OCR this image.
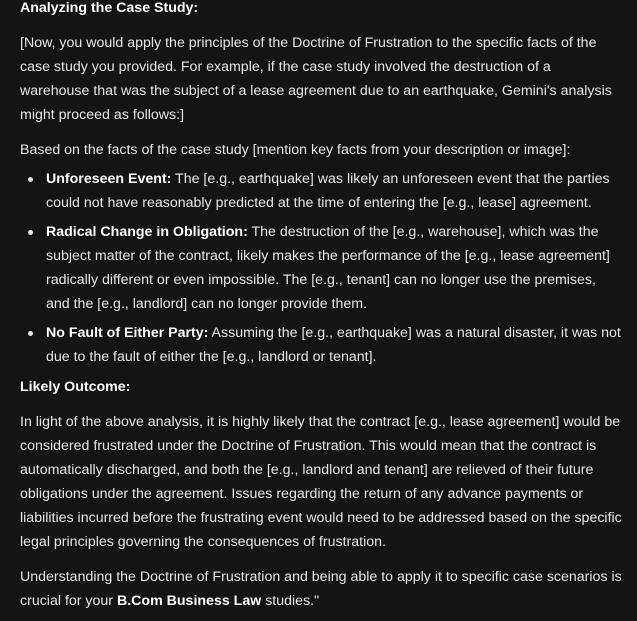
Analyzing the Case Study:

[Now, you would apply the principles of the Doctrine of Frustration to the specific facts of the case study you provided. For example, if the case study involved the destruction of a warehouse that was the subject of a lease agreement due to an earthquake, Gemini's analysis might proceed as follows:]

Based on the facts of the case study [mention key facts from your description or image]:

Unforeseen Event: The [e.g., earthquake] was likely an unforeseen event that the parties could not have reasonably predicted at the time of entering the [e.g., lease] agreement.
Radical Change in Obligation: The destruction of the [e.g., warehouse], which was the subject matter of the contract, likely makes the performance of the [e.g., lease agreement] radically different or even impossible. The [e.g., tenant] can no longer use the premises, and the [e.g., landlord] can no longer provide them.
No Fault of Either Party: Assuming the [e.g., earthquake] was a natural disaster, it was not due to the fault of either the [e.g., landlord or tenant].
Likely Outcome:

In light of the above analysis, it is highly likely that the contract [e.g., lease agreement] would be considered frustrated under the Doctrine of Frustration. This would mean that the contract is automatically discharged, and both the [e.g., landlord and tenant] are relieved of their future obligations under the agreement. Issues regarding the return of any advance payments or liabilities incurred before the frustrating event would need to be addressed based on the specific legal principles governing the consequences of frustration.

Understanding the Doctrine of Frustration and being able to apply it to specific case scenarios is crucial for your B.Com Business Law studies."
